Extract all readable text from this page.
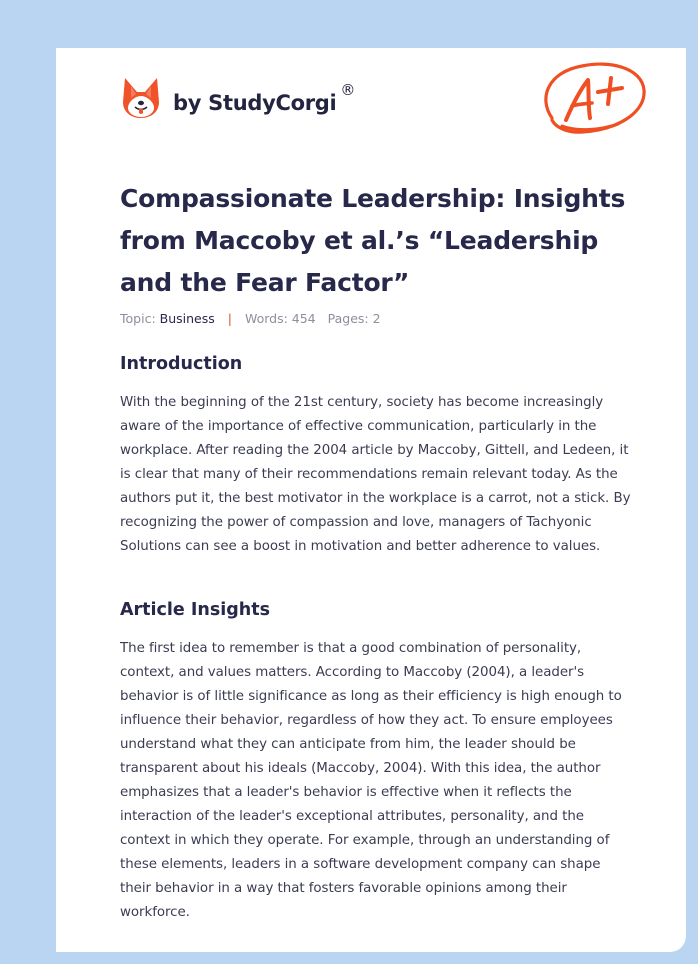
by StudyCorgi
®
Compassionate Leadership: Insights from Maccoby et al.’s “Leadership and the Fear Factor”
Topic: Business | Words: 454 Pages: 2
Introduction

With the beginning of the 21st century, society has become increasingly aware of the importance of effective communication, particularly in the workplace. After reading the 2004 article by Maccoby, Gittell, and Ledeen, it is clear that many of their recommendations remain relevant today. As the authors put it, the best motivator in the workplace is a carrot, not a stick. By recognizing the power of compassion and love, managers of Tachyonic Solutions can see a boost in motivation and better adherence to values.

Article Insights

The first idea to remember is that a good combination of personality, context, and values matters. According to Maccoby (2004), a leader's behavior is of little significance as long as their efficiency is high enough to influence their behavior, regardless of how they act. To ensure employees understand what they can anticipate from him, the leader should be transparent about his ideals (Maccoby, 2004). With this idea, the author emphasizes that a leader's behavior is effective when it reflects the interaction of the leader's exceptional attributes, personality, and the context in which they operate. For example, through an understanding of these elements, leaders in a software development company can shape their behavior in a way that fosters favorable opinions among their workforce.
